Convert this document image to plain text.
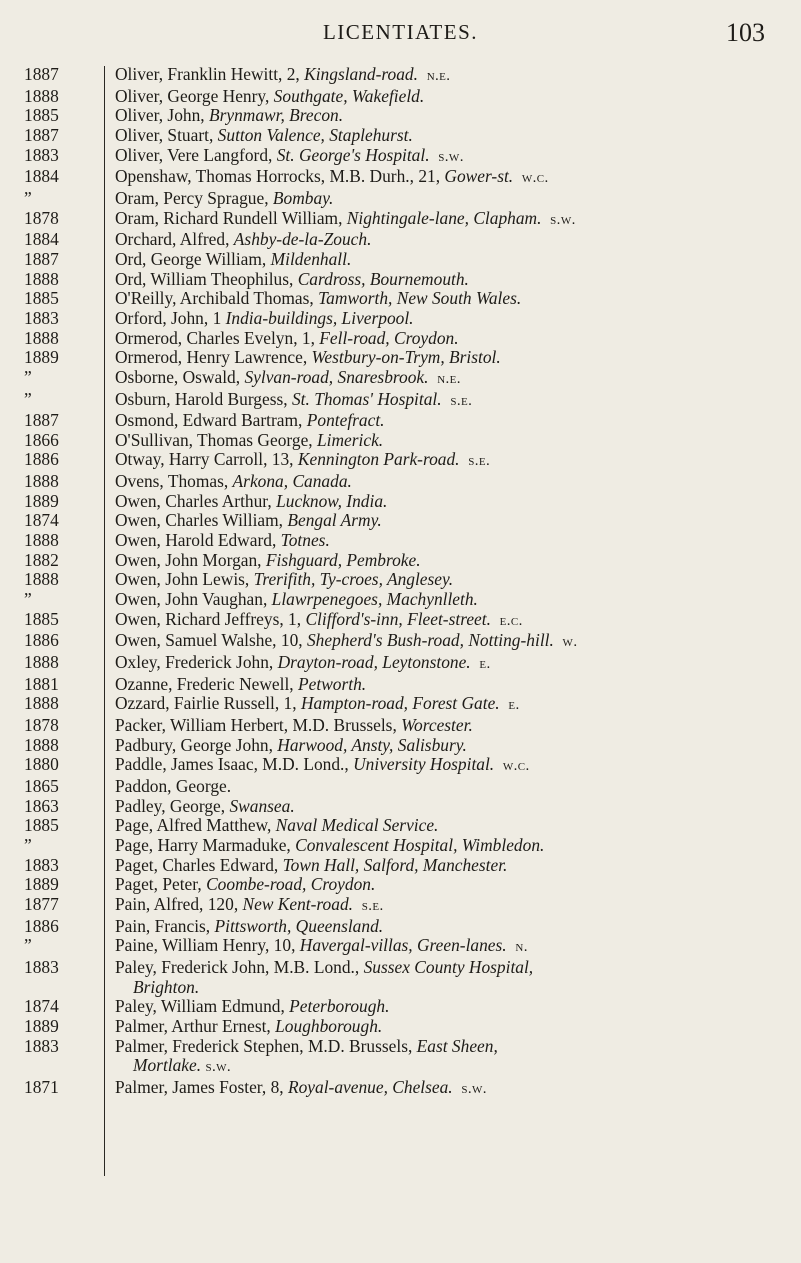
LICENTIATES.	103
1887	Oliver, Franklin Hewitt, 2, Kingsland-road. n.e.
1888	Oliver, George Henry, Southgate, Wakefield.
1885	Oliver, John, Brynmawr, Brecon.
1887	Oliver, Stuart, Sutton Valence, Staplehurst.
1883	Oliver, Vere Langford, St. George's Hospital. s.w.
1884	Openshaw, Thomas Horrocks, M.B. Durh., 21, Gower-st. w.c.
”	Oram, Percy Sprague, Bombay.
1878	Oram, Richard Rundell William, Nightingale-lane, Clapham. s.w.
1884	Orchard, Alfred, Ashby-de-la-Zouch.
1887	Ord, George William, Mildenhall.
1888	Ord, William Theophilus, Cardross, Bournemouth.
1885	O'Reilly, Archibald Thomas, Tamworth, New South Wales.
1883	Orford, John, 1 India-buildings, Liverpool.
1888	Ormerod, Charles Evelyn, 1, Fell-road, Croydon.
1889	Ormerod, Henry Lawrence, Westbury-on-Trym, Bristol.
”	Osborne, Oswald, Sylvan-road, Snaresbrook. n.e.
”	Osburn, Harold Burgess, St. Thomas' Hospital. s.e.
1887	Osmond, Edward Bartram, Pontefract.
1866	O'Sullivan, Thomas George, Limerick.
1886	Otway, Harry Carroll, 13, Kennington Park-road. s.e.
1888	Ovens, Thomas, Arkona, Canada.
1889	Owen, Charles Arthur, Lucknow, India.
1874	Owen, Charles William, Bengal Army.
1888	Owen, Harold Edward, Totnes.
1882	Owen, John Morgan, Fishguard, Pembroke.
1888	Owen, John Lewis, Trerifith, Ty-croes, Anglesey.
”	Owen, John Vaughan, Llawrpenegoes, Machynlleth.
1885	Owen, Richard Jeffreys, 1, Clifford's-inn, Fleet-street. e.c.
1886	Owen, Samuel Walshe, 10, Shepherd's Bush-road, Notting-hill. w.
1888	Oxley, Frederick John, Drayton-road, Leytonstone. e.
1881	Ozanne, Frederic Newell, Petworth.
1888	Ozzard, Fairlie Russell, 1, Hampton-road, Forest Gate. e.
1878	Packer, William Herbert, M.D. Brussels, Worcester.
1888	Padbury, George John, Harwood, Ansty, Salisbury.
1880	Paddle, James Isaac, M.D. Lond., University Hospital. w.c.
1865	Paddon, George.
1863	Padley, George, Swansea.
1885	Page, Alfred Matthew, Naval Medical Service.
”	Page, Harry Marmaduke, Convalescent Hospital, Wimbledon.
1883	Paget, Charles Edward, Town Hall, Salford, Manchester.
1889	Paget, Peter, Coombe-road, Croydon.
1877	Pain, Alfred, 120, New Kent-road. s.e.
1886	Pain, Francis, Pittsworth, Queensland.
”	Paine, William Henry, 10, Havergal-villas, Green-lanes. n.
1883	Paley, Frederick John, M.B. Lond., Sussex County Hospital,
Brighton.
1874	Paley, William Edmund, Peterborough.
1889	Palmer, Arthur Ernest, Loughborough.
1883	Palmer, Frederick Stephen, M.D. Brussels, East Sheen,
Mortlake. s.w.
1871	Palmer, James Foster, 8, Royal-avenue, Chelsea. s.w.
